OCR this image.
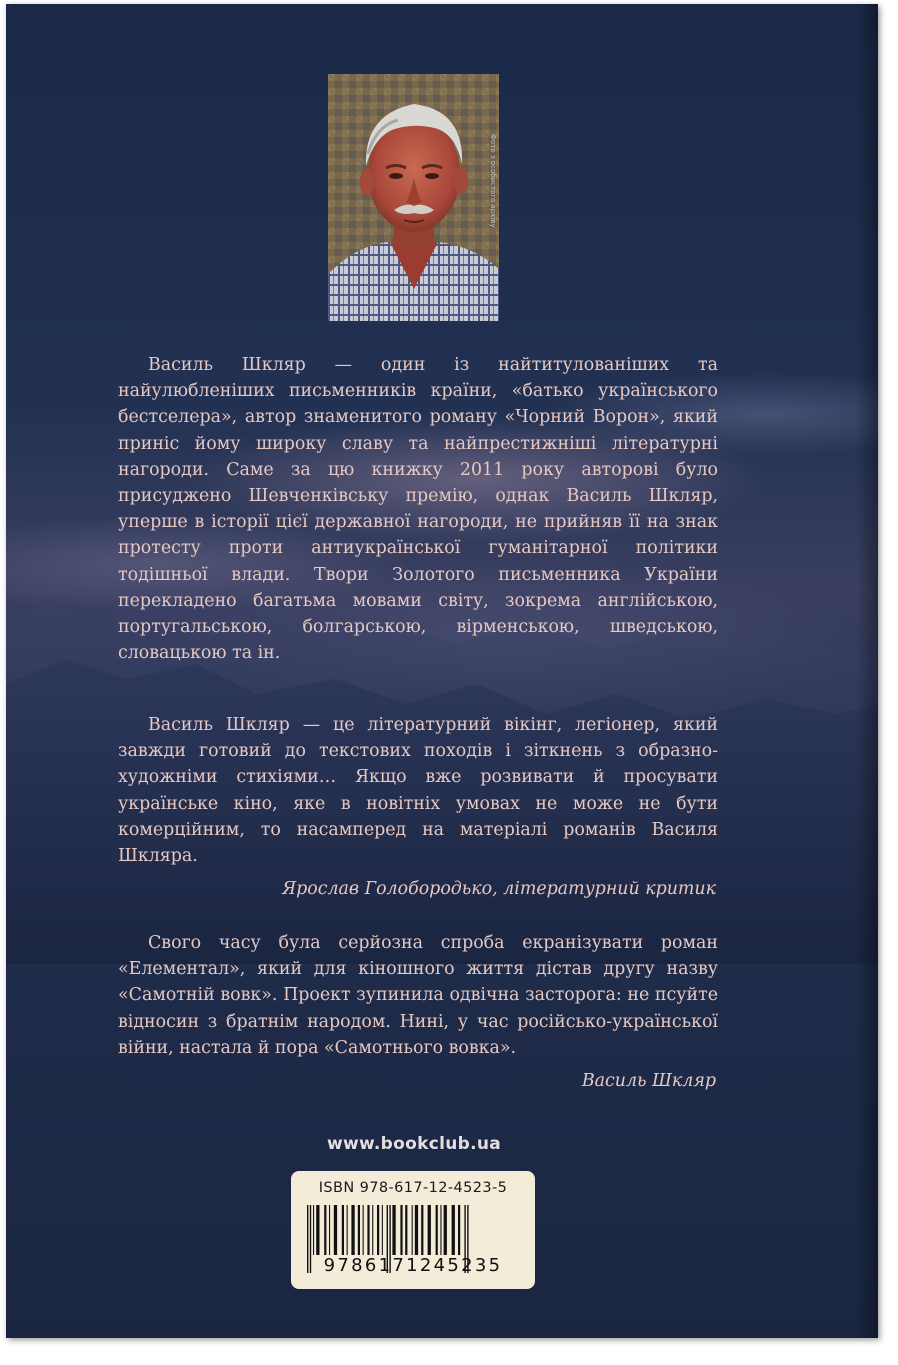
Фото з особистого архіву

Василь Шкляр — один із найтитулованіших та найулюбленіших письменників країни, «батько українського бестселера», автор знаменитого роману «Чорний Ворон», який приніс йому широку славу та найпрестижніші літературні нагороди. Саме за цю книжку 2011 року авторові було присуджено Шевченківську премію, однак Василь Шкляр, уперше в історії цієї державної нагороди, не прийняв її на знак протесту проти антиукраїнської гуманітарної політики тодішньої влади. Твори Золотого письменника України перекладено багатьма мовами світу, зокрема англійською, португальською, болгарською, вірменською, шведською, словацькою та ін.

Василь Шкляр — це літературний вікінг, легіонер, який завжди готовий до текстових походів і зіткнень з образно-художніми стихіями… Якщо вже розвивати й просувати українське кіно, яке в новітніх умовах не може не бути комерційним, то насамперед на матеріалі романів Василя Шкляра.

Ярослав Голобородько, літературний критик

Свого часу була серйозна спроба екранізувати роман «Елементал», який для кіношного життя дістав другу назву «Самотній вовк». Проект зупинила одвічна засторога: не псуйте відносин з братнім народом. Нині, у час російсько-української війни, настала й пора «Самотнього вовка».

Василь Шкляр
www.bookclub.ua
ISBN 978-617-12-4523-5
9786171245235
